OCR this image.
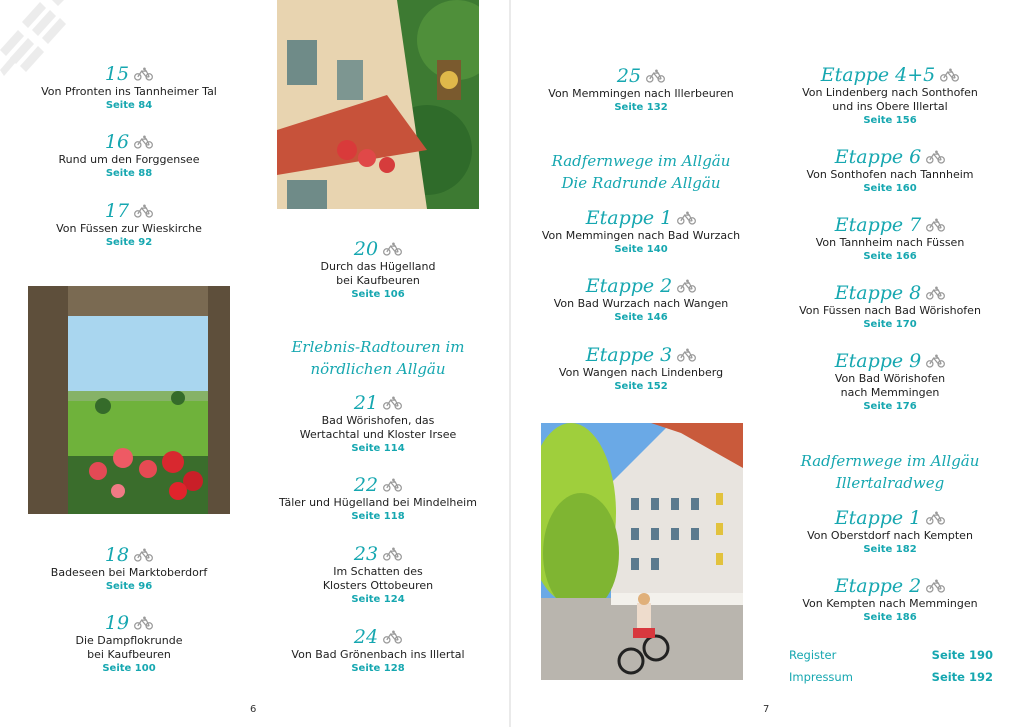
15
Von Pfronten ins Tannheimer Tal
Seite 84
16
Rund um den Forggensee
Seite 88
17
Von Füssen zur Wieskirche
Seite 92
18
Badeseen bei Marktoberdorf
Seite 96
19
Die Dampflokrunde
bei Kaufbeuren
Seite 100
20
Durch das Hügelland
bei Kaufbeuren
Seite 106
Erlebnis-Radtouren im
nördlichen Allgäu
21
Bad Wörishofen, das
Wertachtal und Kloster Irsee
Seite 114
22
Täler und Hügelland bei Mindelheim
Seite 118
23
Im Schatten des
Klosters Ottobeuren
Seite 124
24
Von Bad Grönenbach ins Illertal
Seite 128
25
Von Memmingen nach Illerbeuren
Seite 132
Radfernwege im Allgäu
Die Radrunde Allgäu
Etappe 1
Von Memmingen nach Bad Wurzach
Seite 140
Etappe 2
Von Bad Wurzach nach Wangen
Seite 146
Etappe 3
Von Wangen nach Lindenberg
Seite 152
Etappe 4+5
Von Lindenberg nach Sonthofen
und ins Obere Illertal
Seite 156
Etappe 6
Von Sonthofen nach Tannheim
Seite 160
Etappe 7
Von Tannheim nach Füssen
Seite 166
Etappe 8
Von Füssen nach Bad Wörishofen
Seite 170
Etappe 9
Von Bad Wörishofen
nach Memmingen
Seite 176
Radfernwege im Allgäu
Illertalradweg
Etappe 1
Von Oberstdorf nach Kempten
Seite 182
Etappe 2
Von Kempten nach Memmingen
Seite 186
Register	Seite 190
Impressum	Seite 192
6	7
